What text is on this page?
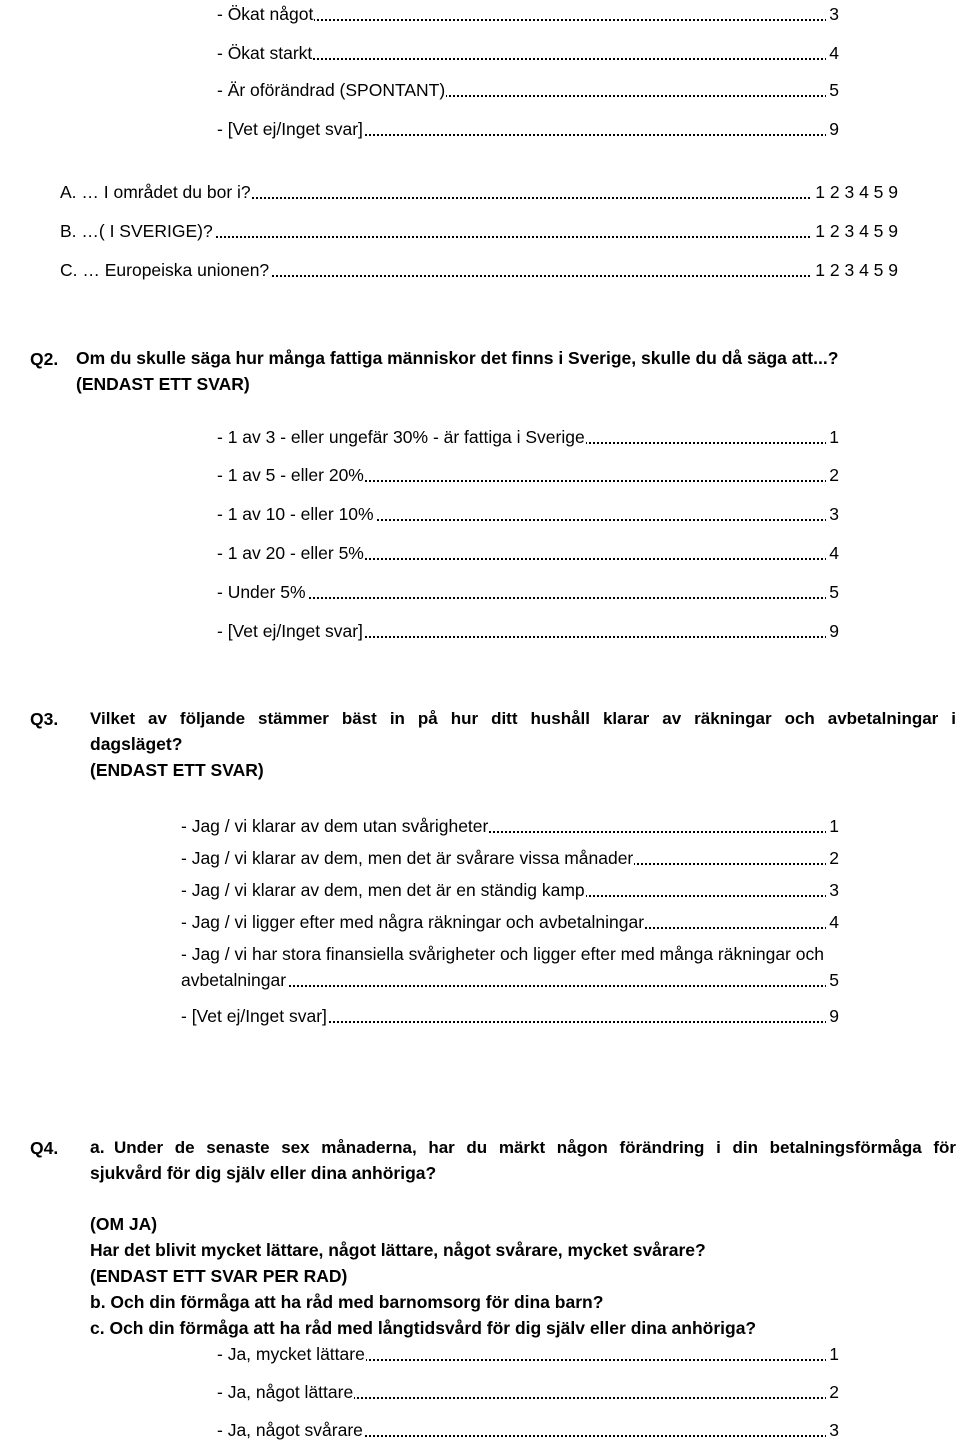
- Ökat något	3
- Ökat starkt	4
- Är oförändrad (SPONTANT)	5
- [Vet ej/Inget svar]	9
A. … I området du bor i?	1 2 3 4 5 9
B. …( I SVERIGE)?	1 2 3 4 5 9
C. … Europeiska unionen?	1 2 3 4 5 9
Q2. Om du skulle säga hur många fattiga människor det finns i Sverige, skulle du då säga att...?
(ENDAST ETT SVAR)
- 1 av 3 - eller ungefär 30% - är fattiga i Sverige	1
- 1 av 5 - eller 20%	2
- 1 av 10 - eller 10%	3
- 1 av 20 - eller 5%	4
- Under 5%	5
- [Vet ej/Inget svar]	9
Q3. Vilket av följande stämmer bäst in på hur ditt hushåll klarar av räkningar och avbetalningar i
dagsläget?
(ENDAST ETT SVAR)
- Jag / vi klarar av dem utan svårigheter	1
- Jag / vi klarar av dem, men det är svårare vissa månader	2
- Jag / vi klarar av dem, men det är en ständig kamp	3
- Jag / vi ligger efter med några räkningar och avbetalningar	4
- Jag / vi har stora finansiella svårigheter och ligger efter med många räkningar och
avbetalningar	5
- [Vet ej/Inget svar]	9
Q4. a. Under de senaste sex månaderna, har du märkt någon förändring i din betalningsförmåga för
sjukvård för dig själv eller dina anhöriga?
(OM JA)
Har det blivit mycket lättare, något lättare, något svårare, mycket svårare?
(ENDAST ETT SVAR PER RAD)
b. Och din förmåga att ha råd med barnomsorg för dina barn?
c. Och din förmåga att ha råd med långtidsvård för dig själv eller dina anhöriga?
- Ja, mycket lättare	1
- Ja, något lättare	2
- Ja, något svårare	3
